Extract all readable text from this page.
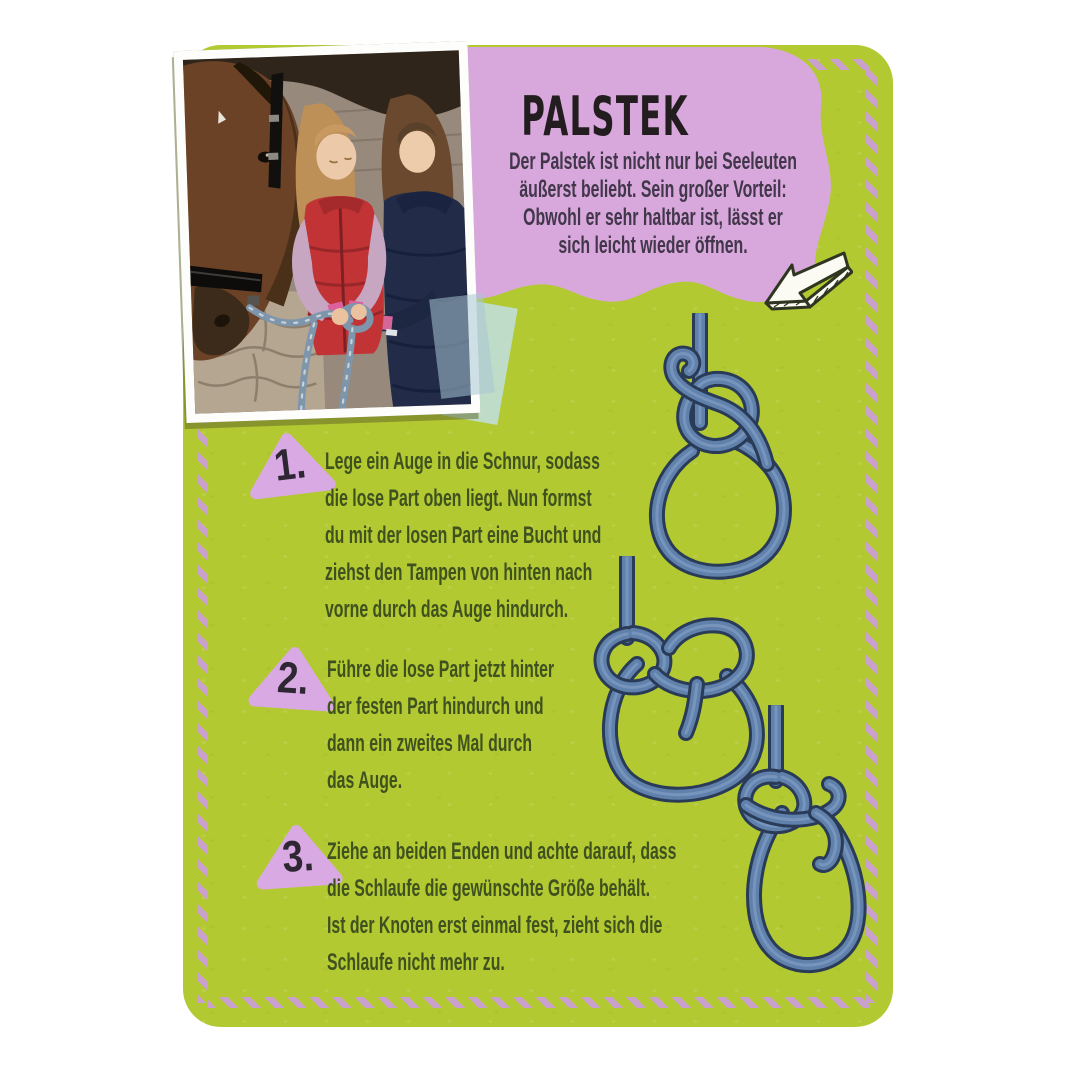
PALSTEK
Der Palstek ist nicht nur bei Seeleuten
äußerst beliebt. Sein großer Vorteil:
Obwohl er sehr haltbar ist, lässt er
sich leicht wieder öffnen.
1.
2.
3.
Lege ein Auge in die Schnur, sodass
die lose Part oben liegt. Nun formst
du mit der losen Part eine Bucht und
ziehst den Tampen von hinten nach
vorne durch das Auge hindurch.
Führe die lose Part jetzt hinter
der festen Part hindurch und
dann ein zweites Mal durch
das Auge.
Ziehe an beiden Enden und achte darauf, dass
die Schlaufe die gewünschte Größe behält.
Ist der Knoten erst einmal fest, zieht sich die
Schlaufe nicht mehr zu.
